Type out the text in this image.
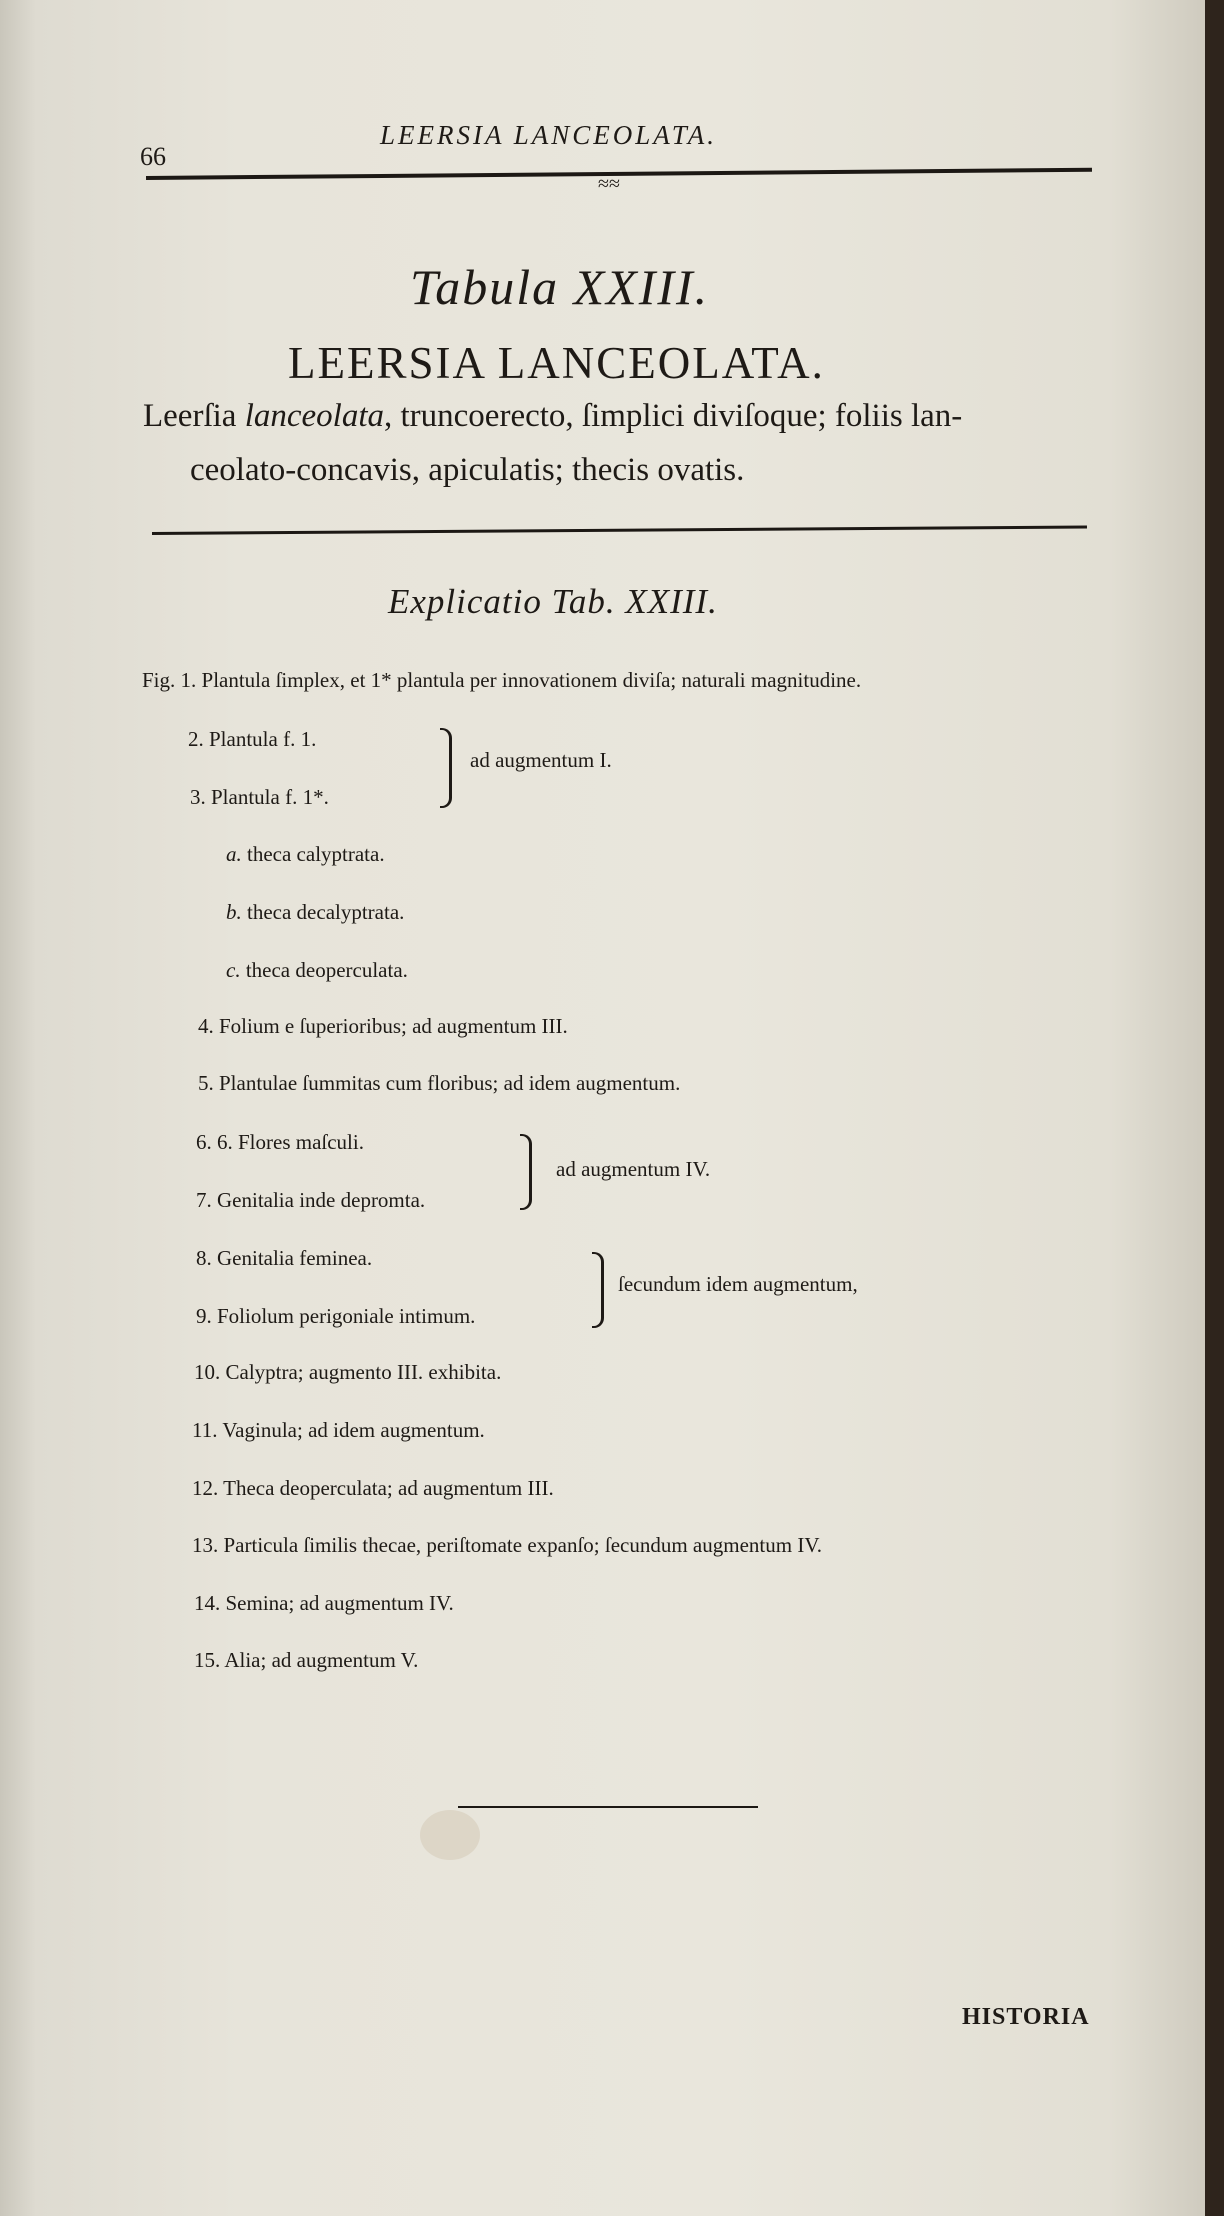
66
LEERSIA LANCEOLATA.
≈≈
Tabula XXIII.
LEERSIA LANCEOLATA.
Leerſia lanceolata, truncoerecto, ſimplici diviſoque; foliis lan-
ceolato-concavis, apiculatis; thecis ovatis.
Explicatio Tab. XXIII.
Fig. 1. Plantula ſimplex, et 1* plantula per innovationem diviſa; naturali magnitudine.
2. Plantula f. 1.
3. Plantula f. 1*.
ad augmentum I.
a. theca calyptrata.
b. theca decalyptrata.
c. theca deoperculata.
4. Folium e ſuperioribus; ad augmentum III.
5. Plantulae ſummitas cum floribus; ad idem augmentum.
6. 6. Flores maſculi.
7. Genitalia inde depromta.
ad augmentum IV.
8. Genitalia feminea.
9. Foliolum perigoniale intimum.
ſecundum idem augmentum,
10. Calyptra; augmento III. exhibita.
11. Vaginula; ad idem augmentum.
12. Theca deoperculata; ad augmentum III.
13. Particula ſimilis thecae, periſtomate expanſo; ſecundum augmentum IV.
14. Semina; ad augmentum IV.
15. Alia; ad augmentum V.
HISTORIA
